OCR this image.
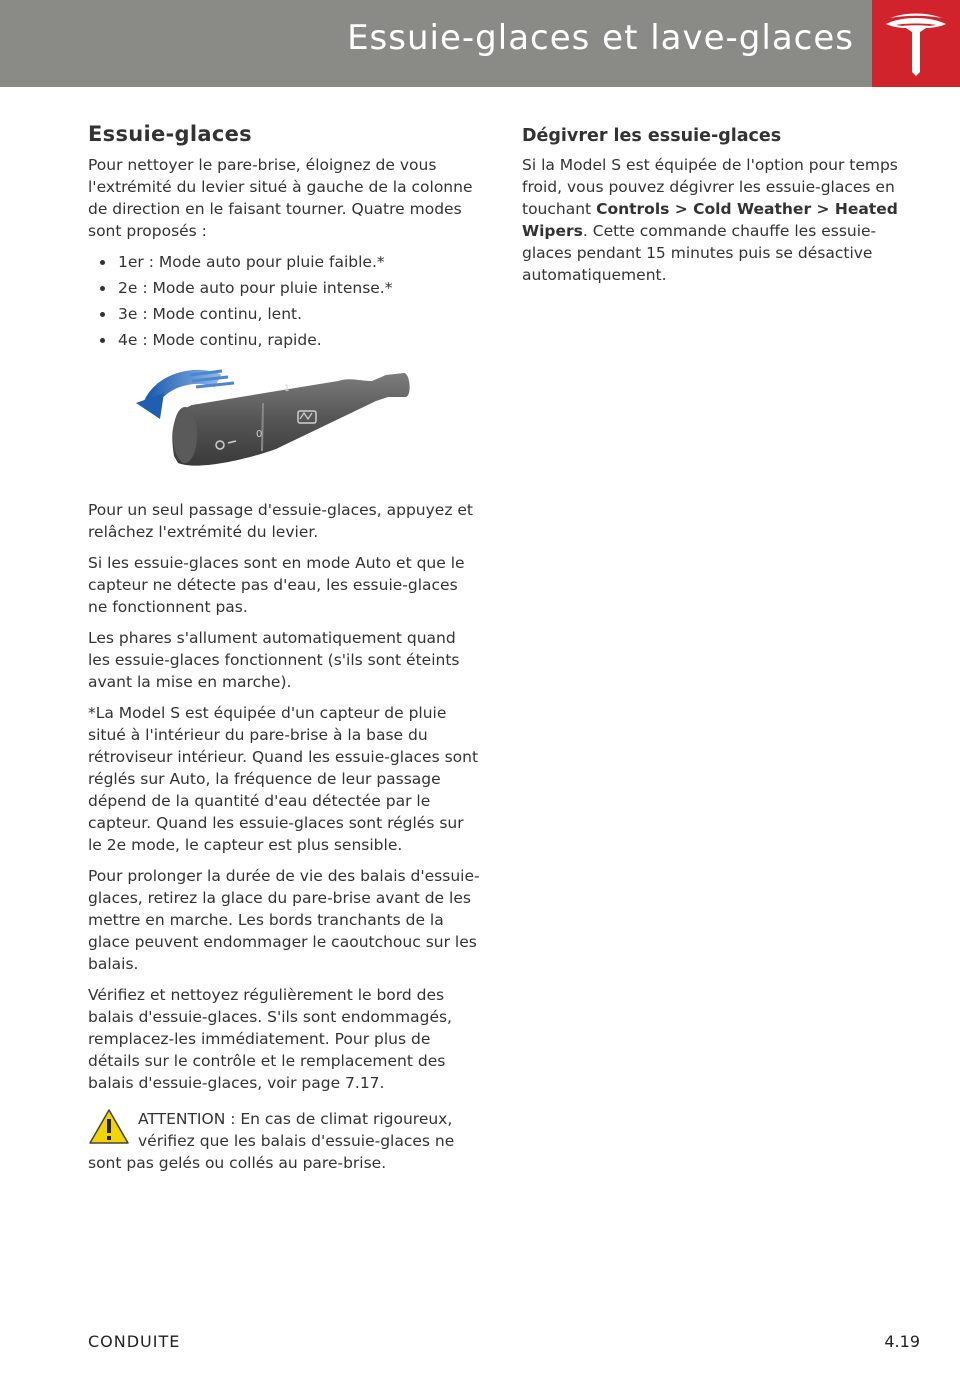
Essuie-glaces et lave-glaces
Essuie-glaces

Pour nettoyer le pare-brise, éloignez de vous l'extrémité du levier situé à gauche de la colonne de direction en le faisant tourner. Quatre modes sont proposés :

1er : Mode auto pour pluie faible.*
2e : Mode auto pour pluie intense.*
3e : Mode continu, lent.
4e : Mode continu, rapide.
0
1

Pour un seul passage d'essuie-glaces, appuyez et relâchez l'extrémité du levier.

Si les essuie-glaces sont en mode Auto et que le capteur ne détecte pas d'eau, les essuie-glaces ne fonctionnent pas.

Les phares s'allument automatiquement quand les essuie-glaces fonctionnent (s'ils sont éteints avant la mise en marche).

*La Model S est équipée d'un capteur de pluie situé à l'intérieur du pare-brise à la base du rétroviseur intérieur. Quand les essuie-glaces sont réglés sur Auto, la fréquence de leur passage dépend de la quantité d'eau détectée par le capteur. Quand les essuie-glaces sont réglés sur le 2e mode, le capteur est plus sensible.

Pour prolonger la durée de vie des balais d'essuie-glaces, retirez la glace du pare-brise avant de les mettre en marche. Les bords tranchants de la glace peuvent endommager le caoutchouc sur les balais.

Vérifiez et nettoyez régulièrement le bord des balais d'essuie-glaces. S'ils sont endommagés, remplacez-les immédiatement. Pour plus de détails sur le contrôle et le remplacement des balais d'essuie-glaces, voir page 7.17.

ATTENTION : En cas de climat rigoureux,
vérifiez que les balais d'essuie-glaces ne
sont pas gelés ou collés au pare-brise.

Dégivrer les essuie-glaces

Si la Model S est équipée de l'option pour temps froid, vous pouvez dégivrer les essuie-glaces en touchant Controls > Cold Weather > Heated Wipers. Cette commande chauffe les essuie-glaces pendant 15 minutes puis se désactive automatiquement.

CONDUITE	4.19
